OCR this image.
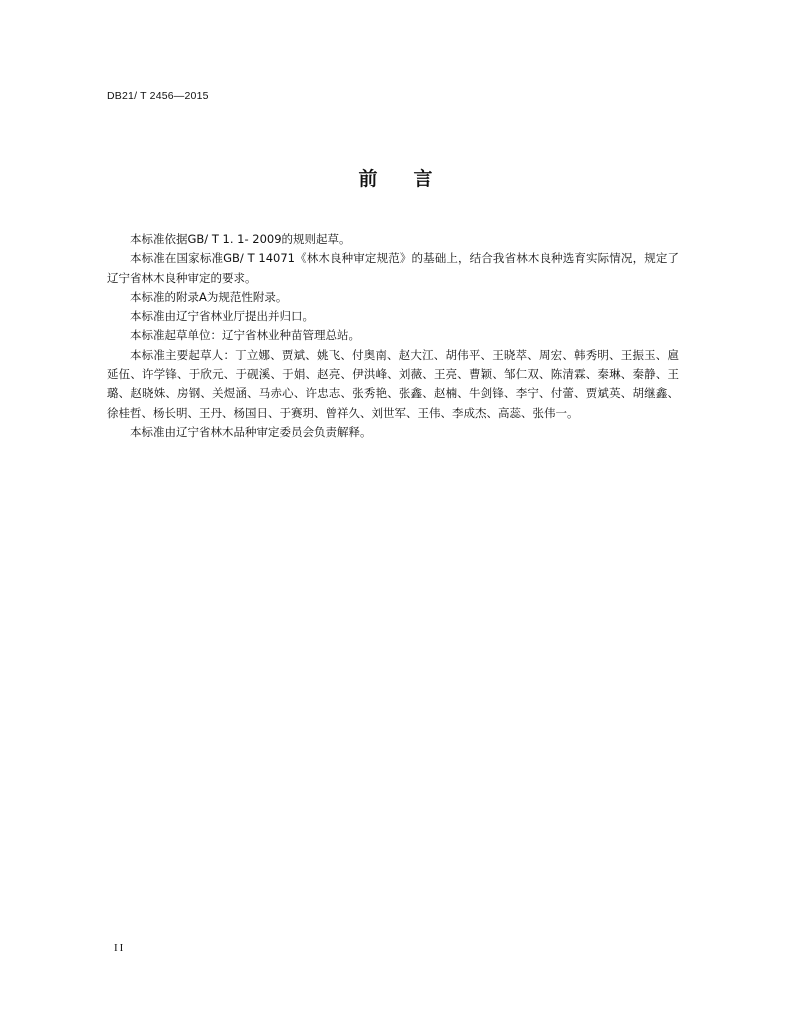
DB21/ T 2456—2015
前 言

本标准依据GB/ T 1. 1- 2009的规则起草。

本标准在国家标准GB/ T 14071《林木良种审定规范》的基础上，结合我省林木良种选育实际情况，规定了辽宁省林木良种审定的要求。

本标准的附录A为规范性附录。

本标准由辽宁省林业厅提出并归口。

本标准起草单位：辽宁省林业种苗管理总站。

本标准主要起草人：丁立娜、贾斌、姚飞、付奥南、赵大江、胡伟平、王晓萃、周宏、韩秀明、王振玉、扈延伍、许学锋、于欣元、于砚溪、于娟、赵亮、伊洪峰、刘薇、王亮、曹颖、邹仁双、陈清霖、秦琳、秦静、王璐、赵晓姝、房钢、关煜涵、马赤心、许忠志、张秀艳、张鑫、赵楠、牛剑锋、李宁、付蕾、贾斌英、胡继鑫、徐桂哲、杨长明、王丹、杨国日、于赛玥、曾祥久、刘世军、王伟、李成杰、高蕊、张伟一。

本标准由辽宁省林木品种审定委员会负责解释。

II
